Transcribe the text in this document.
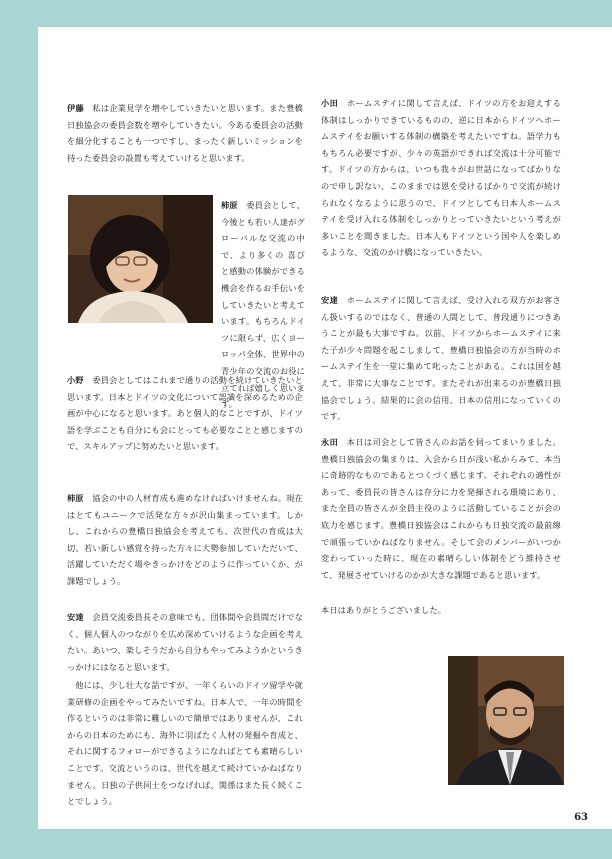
伊藤　 私は企業見学を増やしていきたいと思います。また豊橋日独協会の委員会数を増やしていきたい。今ある委員会の活動を細分化することも一つですし、まったく新しいミッションを持った委員会の設置も考えていけると思います。

柿原　 委員会として、今後とも若い人達がグローバルな交流の中で、より多くの 喜びと感動の体験ができる機会を作るお手伝いをしていきたいと考えています。もちろんドイツに限らず、広くヨーロッパ全体、世界中の青少年の交流のお役に立てれば嬉しく思います。

小野　 委員会としてはこれまで通りの活動を続けていきたいと思います。日本とドイツの文化について認識を深めるための企画が中心になると思います。あと個人的なことですが、ドイツ語を学ぶことも自分にも会にとっても必要なことと感じますので、スキルアップに努めたいと思います。

柿原　 協会の中の人材育成も進めなければいけませんね。現在はとてもユニークで活発な方々が沢山集まっています。しかし、これからの豊橋日独協会を考えても、次世代の育成は大切。若い新しい感覚を持った方々に大勢参加していただいて、活躍していただく場やきっかけをどのように作っていくか、が課題でしょう。

安達　 会員交流委員長その意味でも、団体間や会員間だけでなく、個人個人のつながりを広め深めていけるような企画を考えたい。あいつ、楽しそうだから自分もやってみようかというきっかけにはなると思います。

他には、少し壮大な話ですが、一年くらいのドイツ留学や就業研修の企画をやってみたいですね。日本人で、一年の時間を作るというのは非常に難しいので簡単ではありませんが、これからの日本のためにも、海外に羽ばたく人材の発掘や育成と、それに関するフォローができるようになればとても素晴らしいことです。交流というのは、世代を越えて続けていかねばなりません。日独の子供同士をつなげれば、関係はまた長く続くことでしょう。

小田　 ホームステイに関して言えば、ドイツの方をお迎えする体制はしっかりできているものの、逆に日本からドイツへホームステイをお願いする体制の構築を考えたいですね。語学力ももちろん必要ですが、少々の英語ができれば交流は十分可能です。ドイツの方からは、いつも我々がお世話になってばかりなので申し訳ない、このままでは恩を受けるばかりで交流が続けられなくなるように思うので、ドイツとしても日本人ホームステイを受け入れる体制をしっかりとっていきたいという考えが多いことを聞きました。日本人もドイツという国や人を楽しめるような、交流のかけ橋になっていきたい。

安達　 ホームステイに関して言えば、受け入れる双方がお客さん扱いするのではなく、普通の人間として、普段通りにつきあうことが最も大事ですね。以前、ドイツからホームステイに来た子が少々問題を起こしまして、豊橋日独協会の方が当時のホームステイ生を一堂に集めて叱ったことがある。これは国を越えて、非常に大事なことです。またそれが出来るのが豊橋日独協会でしょう。結果的に会の信用、日本の信用になっていくのです。

永田　 本日は司会として皆さんのお話を伺ってまいりました。豊橋日独協会の集まりは、入会から日が浅い私からみて、本当に奇跡的なものであるとつくづく感じます。それぞれの適性があって、委員長の皆さんは存分に力を発揮される環境にあり、また全員の皆さんが全員主役のように活動していることが会の底力を感じます。豊橋日独協会はこれからも日独交流の最前線で頑張っていかねばなりません。そして会のメンバーがいつか変わっていった時に、現在の素晴らしい体制をどう維持させて、発展させていけるのかが大きな課題であると思います。

本日はありがとうございました。

63
